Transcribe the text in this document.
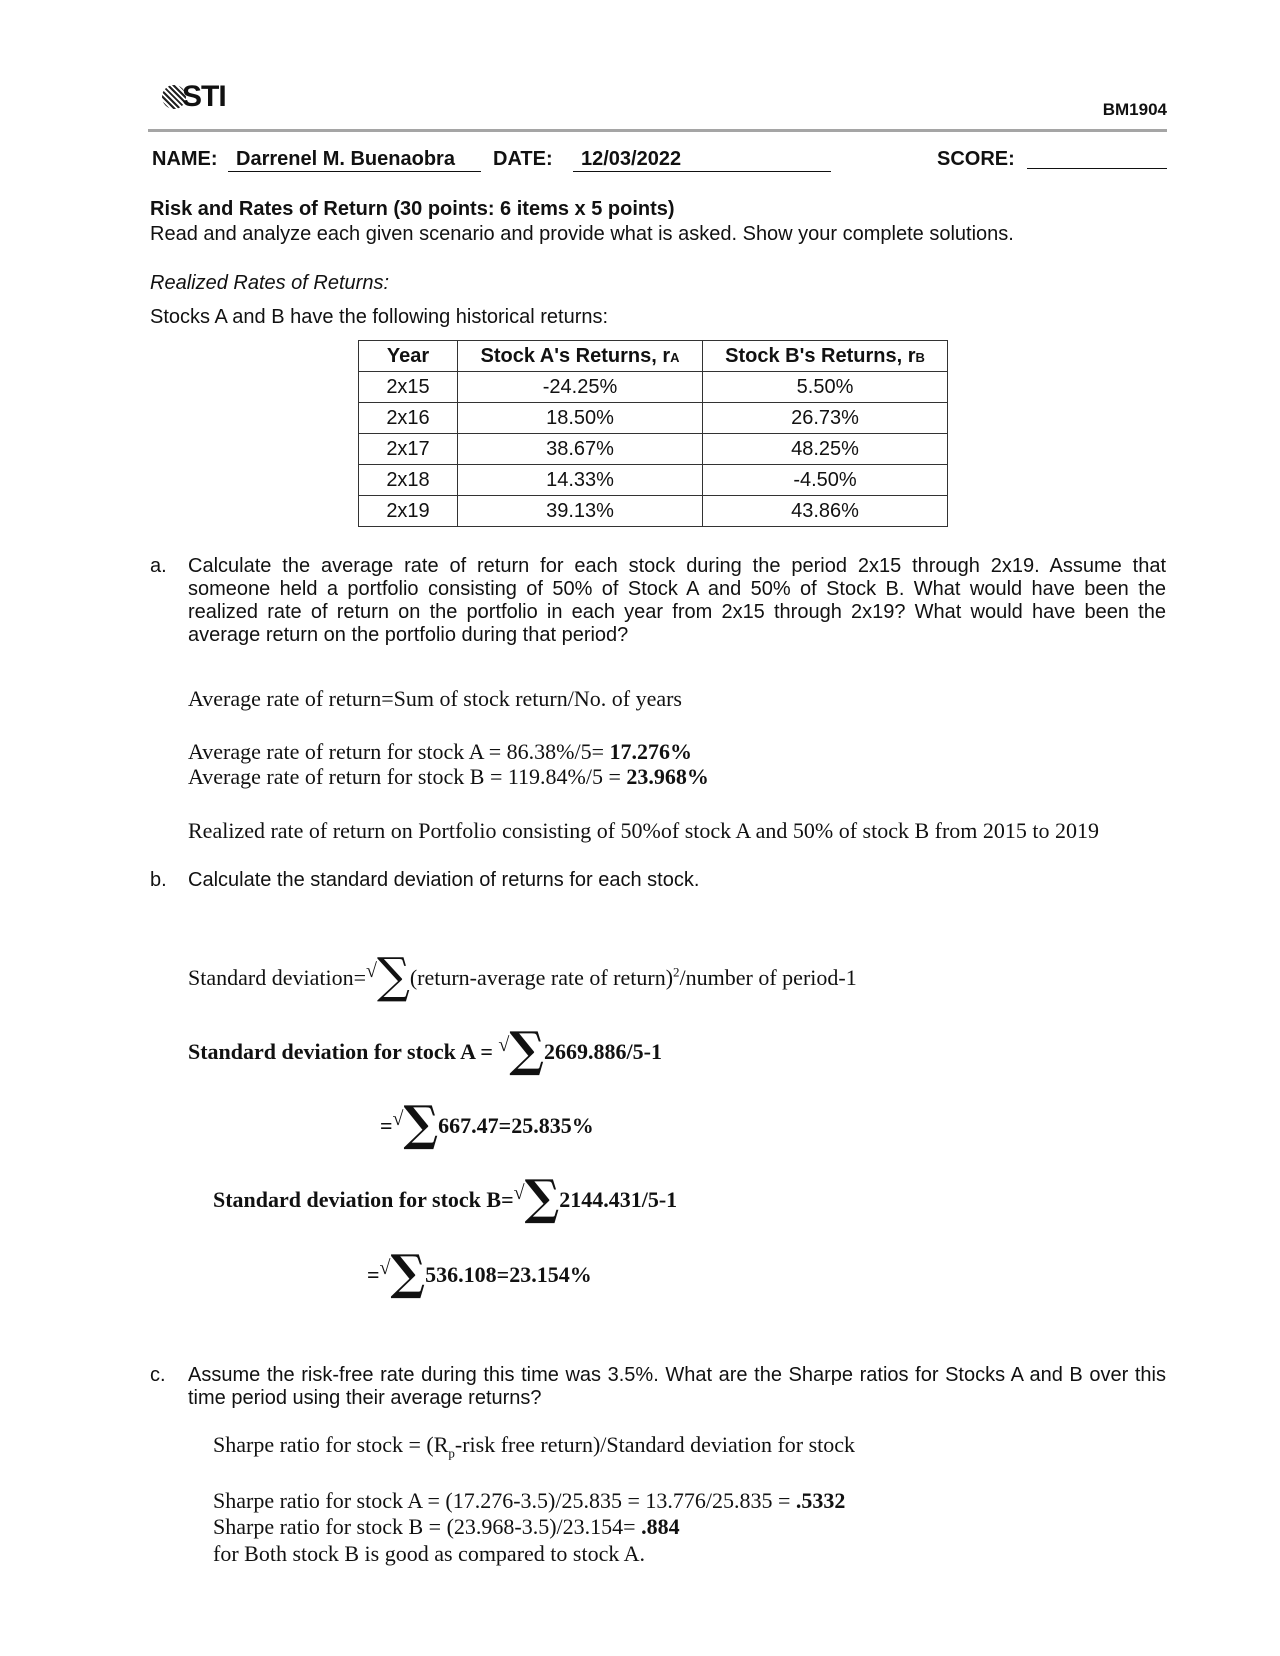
STI	BM1904
NAME: Darrenel M. Buenaobra	DATE:	12/03/2022	SCORE:
Risk and Rates of Return (30 points: 6 items x 5 points)
Read and analyze each given scenario and provide what is asked. Show your complete solutions.
Realized Rates of Returns:
Stocks A and B have the following historical returns:
Year	Stock A's Returns, rA	Stock B's Returns, rB
2x15	-24.25%	5.50%
2x16	18.50%	26.73%
2x17	38.67%	48.25%
2x18	14.33%	-4.50%
2x19	39.13%	43.86%
a. Calculate the average rate of return for each stock during the period 2x15 through 2x19. Assume that someone held a portfolio consisting of 50% of Stock A and 50% of Stock B. What would have been the realized rate of return on the portfolio in each year from 2x15 through 2x19? What would have been the average return on the portfolio during that period?
Average rate of return=Sum of stock return/No. of years
Average rate of return for stock A = 86.38%/5= 17.276%
Average rate of return for stock B = 119.84%/5 = 23.968%
Realized rate of return on Portfolio consisting of 50%of stock A and 50% of stock B from 2015 to 2019
b. Calculate the standard deviation of returns for each stock.
Standard deviation=√∑(return-average rate of return)$^2$/number of period-1
Standard deviation for stock A = √∑2669.886/5-1
=√∑667.47=25.835%
Standard deviation for stock B=√∑2144.431/5-1
=√∑536.108=23.154%
c. Assume the risk-free rate during this time was 3.5%. What are the Sharpe ratios for Stocks A and B over this time period using their average returns?
Sharpe ratio for stock = ($R_p$-risk free return)/Standard deviation for stock
Sharpe ratio for stock A = (17.276-3.5)/25.835 = 13.776/25.835 = .5332
Sharpe ratio for stock B = (23.968-3.5)/23.154= .884
for Both stock B is good as compared to stock A.
